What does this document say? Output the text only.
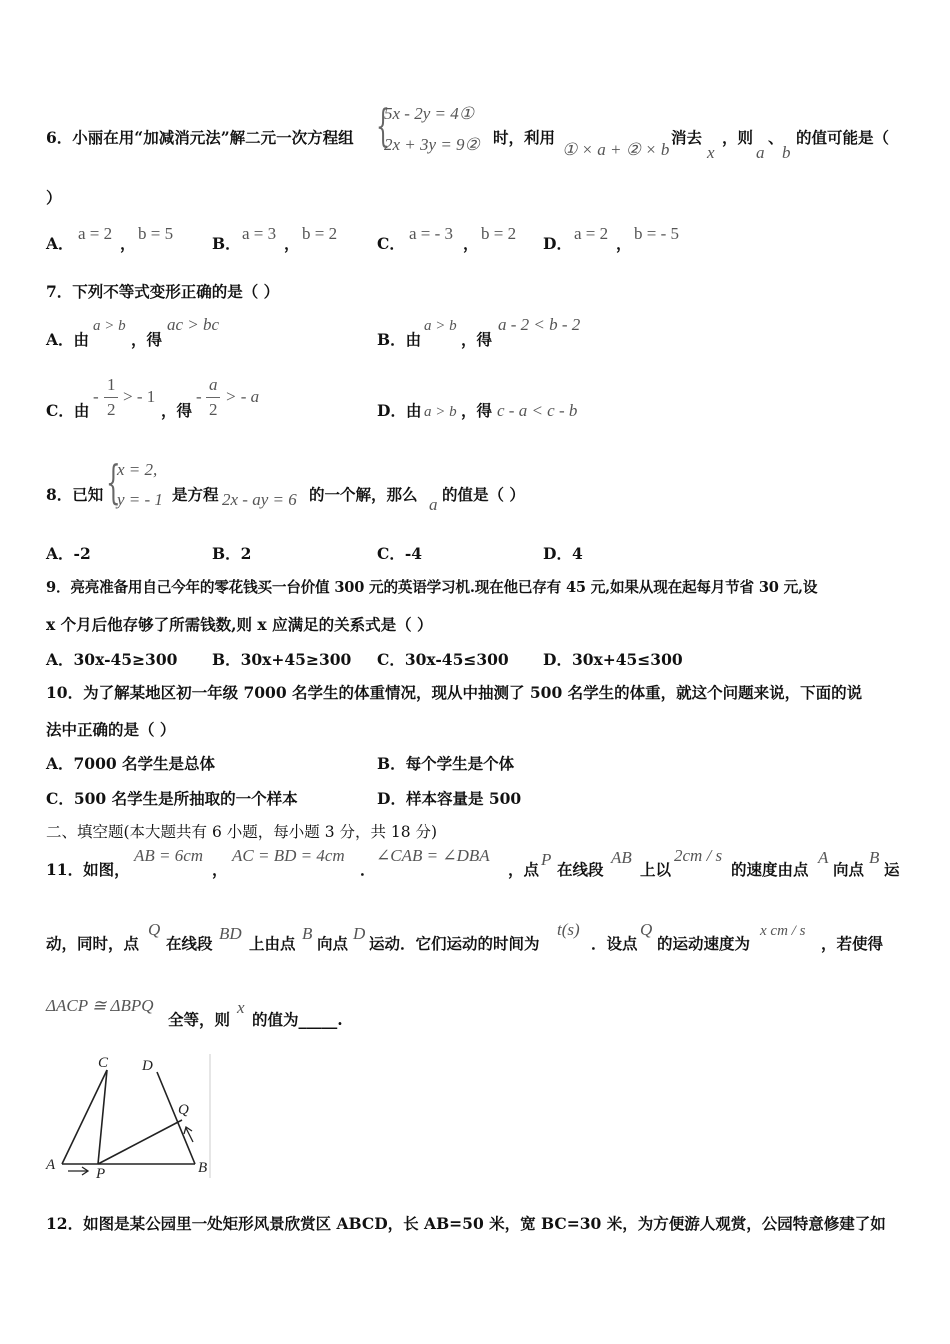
6．小丽在用“加减消元法”解二元一次方程组 {
5x - 2y = 4①
2x + 3y = 9② 时，利用
① × a + ② × b
消去
x
，则
a
、
b
的值可能是（
）
A．
a = 2
，
b = 5
B．
a = 3
，
b = 2
C．
a = - 3
，
b = 2
D．
a = 2
，
b = - 5
7．下列不等式变形正确的是（ ）
A．由
a > b
，得
ac > bc
B．由
a > b
，得
a - 2 < b - 2
C．由
-
1
2
> - 1
，得
-
a
2
> - a
D．由 a > b ，得 c - a < c - b
8．已知 {
x = 2,
y = - 1 是方程 2x - ay = 6 的一个解，那么
a
的值是（ ）
A．-2	B．2	C．-4	D．4
9．亮亮准备用自己今年的零花钱买一台价值 300 元的英语学习机.现在他已存有 45 元,如果从现在起每月节省 30 元,设
x 个月后他存够了所需钱数,则 x 应满足的关系式是（ ）
A．30x-45≥300 B．30x+45≥300 C．30x-45≤300 D．30x+45≤300
10．为了解某地区初一年级 7000 名学生的体重情况，现从中抽测了 500 名学生的体重，就这个问题来说，下面的说
法中正确的是（ ）
A．7000 名学生是总体	B．每个学生是个体
C．500 名学生是所抽取的一个样本	D．样本容量是 500
二、填空题(本大题共有 6 小题，每小题 3 分，共 18 分)
11．如图，
AB = 6cm
，
AC = BD = 4cm
．
∠CAB = ∠DBA
，点
P
在线段
AB
上以
2cm / s
的速度由点
A
向点
B
运
动，同时，点
Q
在线段
BD
上由点
B
向点
D
运动．它们运动的时间为
t(s)
．设点
Q
的运动速度为
x cm / s
，若使得
ΔACP ≅ ΔBPQ
全等，则
x
的值为_____.
C D
Q
A
P	B
12．如图是某公园里一处矩形风景欣赏区 ABCD，长 AB=50 米，宽 BC=30 米，为方便游人观赏，公园特意修建了如
